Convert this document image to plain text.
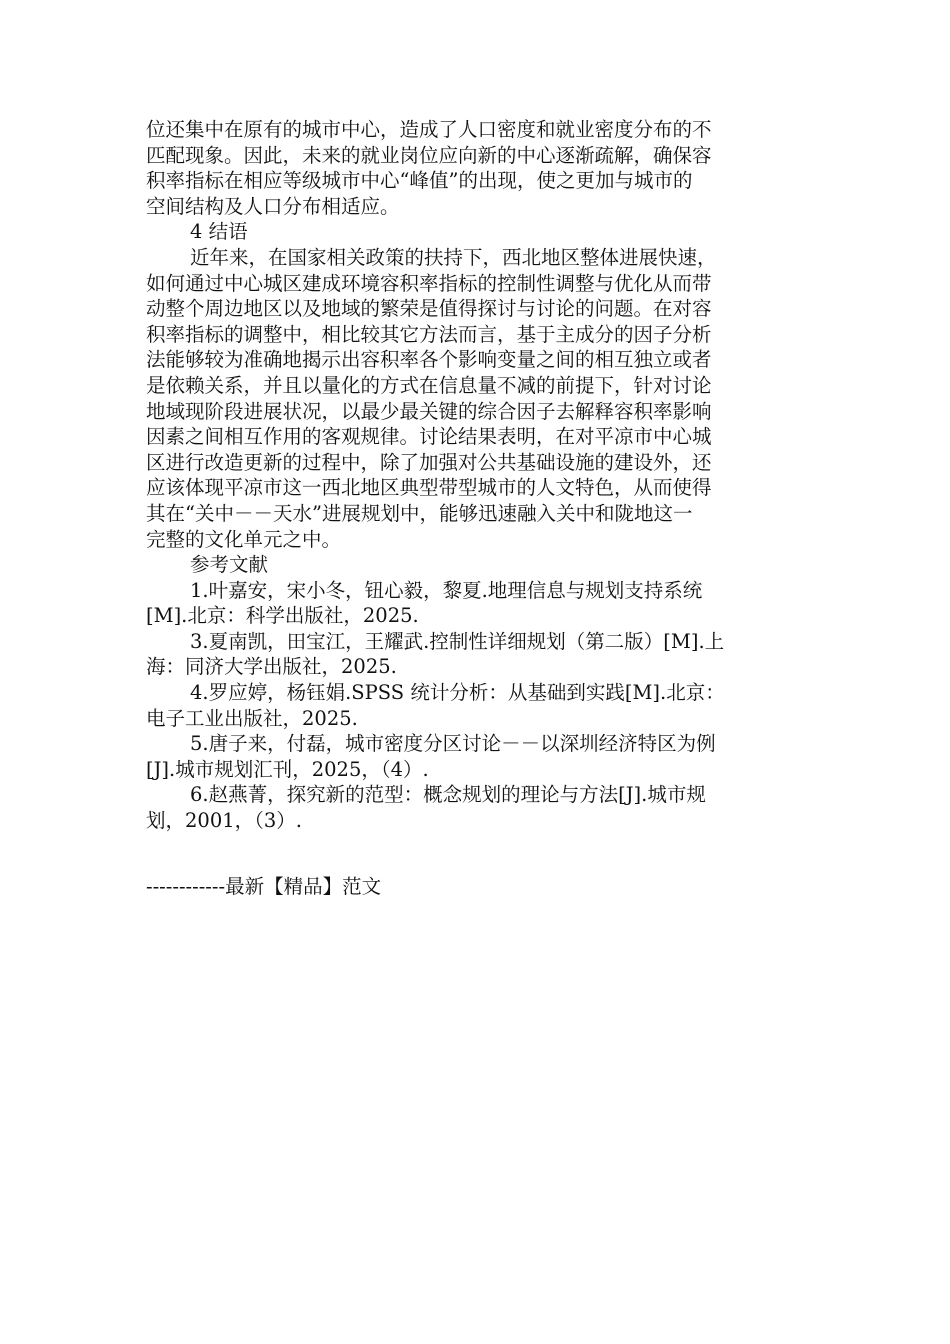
位还集中在原有的城市中心，造成了人口密度和就业密度分布的不
匹配现象。因此，未来的就业岗位应向新的中心逐渐疏解，确保容
积率指标在相应等级城市中心“峰值”的出现，使之更加与城市的
空间结构及人口分布相适应。
4 结语
近年来，在国家相关政策的扶持下，西北地区整体进展快速，
如何通过中心城区建成环境容积率指标的控制性调整与优化从而带
动整个周边地区以及地域的繁荣是值得探讨与讨论的问题。在对容
积率指标的调整中，相比较其它方法而言，基于主成分的因子分析
法能够较为准确地揭示出容积率各个影响变量之间的相互独立或者
是依赖关系，并且以量化的方式在信息量不减的前提下，针对讨论
地域现阶段进展状况，以最少最关键的综合因子去解释容积率影响
因素之间相互作用的客观规律。讨论结果表明，在对平凉市中心城
区进行改造更新的过程中，除了加强对公共基础设施的建设外，还
应该体现平凉市这一西北地区典型带型城市的人文特色，从而使得
其在“关中－－天水”进展规划中，能够迅速融入关中和陇地这一
完整的文化单元之中。
参考文献
1.叶嘉安，宋小冬，钮心毅，黎夏.地理信息与规划支持系统
[M].北京：科学出版社，2025.
3.夏南凯，田宝江，王耀武.控制性详细规划（第二版）[M].上
海：同济大学出版社，2025.
4.罗应婷，杨钰娟.SPSS 统计分析：从基础到实践[M].北京：
电子工业出版社，2025.
5.唐子来，付磊，城市密度分区讨论－－以深圳经济特区为例
[J].城市规划汇刊，2025，（4）.
6.赵燕菁，探究新的范型：概念规划的理论与方法[J].城市规
划，2001，（3）.
------------最新【精品】范文
